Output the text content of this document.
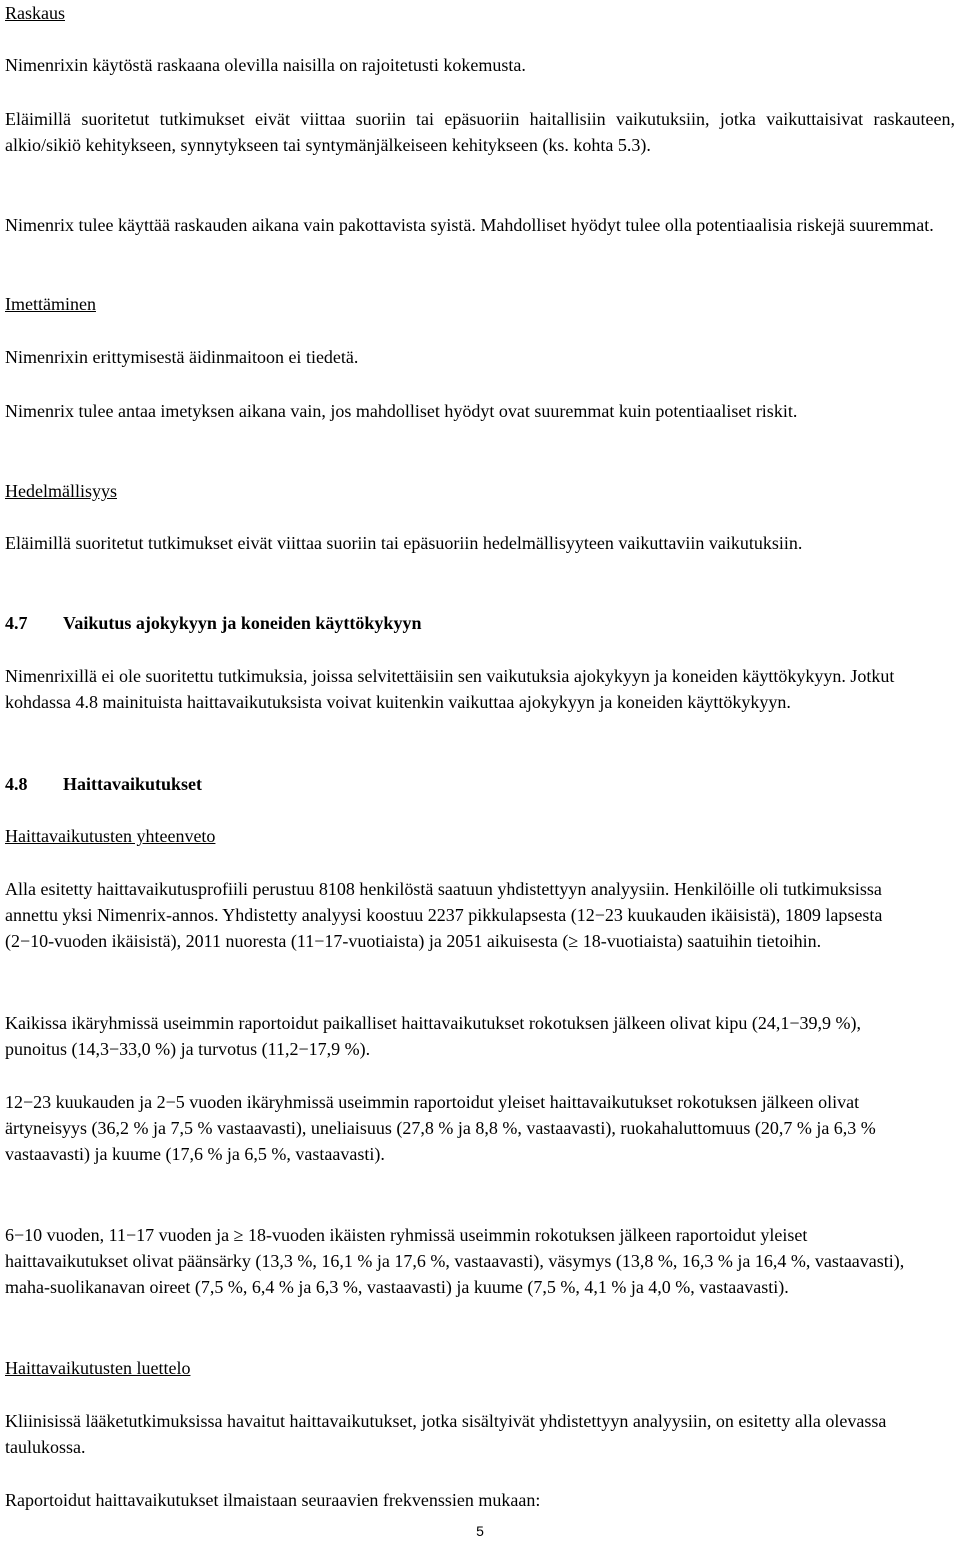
Raskaus

Nimenrixin käytöstä raskaana olevilla naisilla on rajoitetusti kokemusta.

Eläimillä suoritetut tutkimukset eivät viittaa suoriin tai epäsuoriin haitallisiin vaikutuksiin, jotka vaikuttaisivat raskauteen, alkio/sikiö kehitykseen, synnytykseen tai syntymänjälkeiseen kehitykseen (ks. kohta 5.3).

Nimenrix tulee käyttää raskauden aikana vain pakottavista syistä. Mahdolliset hyödyt tulee olla potentiaalisia riskejä suuremmat.

Imettäminen

Nimenrixin erittymisestä äidinmaitoon ei tiedetä.

Nimenrix tulee antaa imetyksen aikana vain, jos mahdolliset hyödyt ovat suuremmat kuin potentiaaliset riskit.

Hedelmällisyys

Eläimillä suoritetut tutkimukset eivät viittaa suoriin tai epäsuoriin hedelmällisyyteen vaikuttaviin vaikutuksiin.

4.7 Vaikutus ajokykyyn ja koneiden käyttökykyyn

Nimenrixillä ei ole suoritettu tutkimuksia, joissa selvitettäisiin sen vaikutuksia ajokykyyn ja koneiden käyttökykyyn. Jotkut kohdassa 4.8 mainituista haittavaikutuksista voivat kuitenkin vaikuttaa ajokykyyn ja koneiden käyttökykyyn.

4.8 Haittavaikutukset

Haittavaikutusten yhteenveto

Alla esitetty haittavaikutusprofiili perustuu 8108 henkilöstä saatuun yhdistettyyn analyysiin. Henkilöille oli tutkimuksissa annettu yksi Nimenrix-annos. Yhdistetty analyysi koostuu 2237 pikkulapsesta (12−23 kuukauden ikäisistä), 1809 lapsesta (2−10-vuoden ikäisistä), 2011 nuoresta (11−17-vuotiaista) ja 2051 aikuisesta (≥ 18-vuotiaista) saatuihin tietoihin.

Kaikissa ikäryhmissä useimmin raportoidut paikalliset haittavaikutukset rokotuksen jälkeen olivat kipu (24,1−39,9 %), punoitus (14,3−33,0 %) ja turvotus (11,2−17,9 %).

12−23 kuukauden ja 2−5 vuoden ikäryhmissä useimmin raportoidut yleiset haittavaikutukset rokotuksen jälkeen olivat ärtyneisyys (36,2 % ja 7,5 % vastaavasti), uneliaisuus (27,8 % ja 8,8 %, vastaavasti), ruokahaluttomuus (20,7 % ja 6,3 % vastaavasti) ja kuume (17,6 % ja 6,5 %, vastaavasti).

6−10 vuoden, 11−17 vuoden ja ≥ 18-vuoden ikäisten ryhmissä useimmin rokotuksen jälkeen raportoidut yleiset haittavaikutukset olivat päänsärky (13,3 %, 16,1 % ja 17,6 %, vastaavasti), väsymys (13,8 %, 16,3 % ja 16,4 %, vastaavasti), maha-suolikanavan oireet (7,5 %, 6,4 % ja 6,3 %, vastaavasti) ja kuume (7,5 %, 4,1 % ja 4,0 %, vastaavasti).

Haittavaikutusten luettelo

Kliinisissä lääketutkimuksissa havaitut haittavaikutukset, jotka sisältyivät yhdistettyyn analyysiin, on esitetty alla olevassa taulukossa.

Raportoidut haittavaikutukset ilmaistaan seuraavien frekvenssien mukaan:

5
